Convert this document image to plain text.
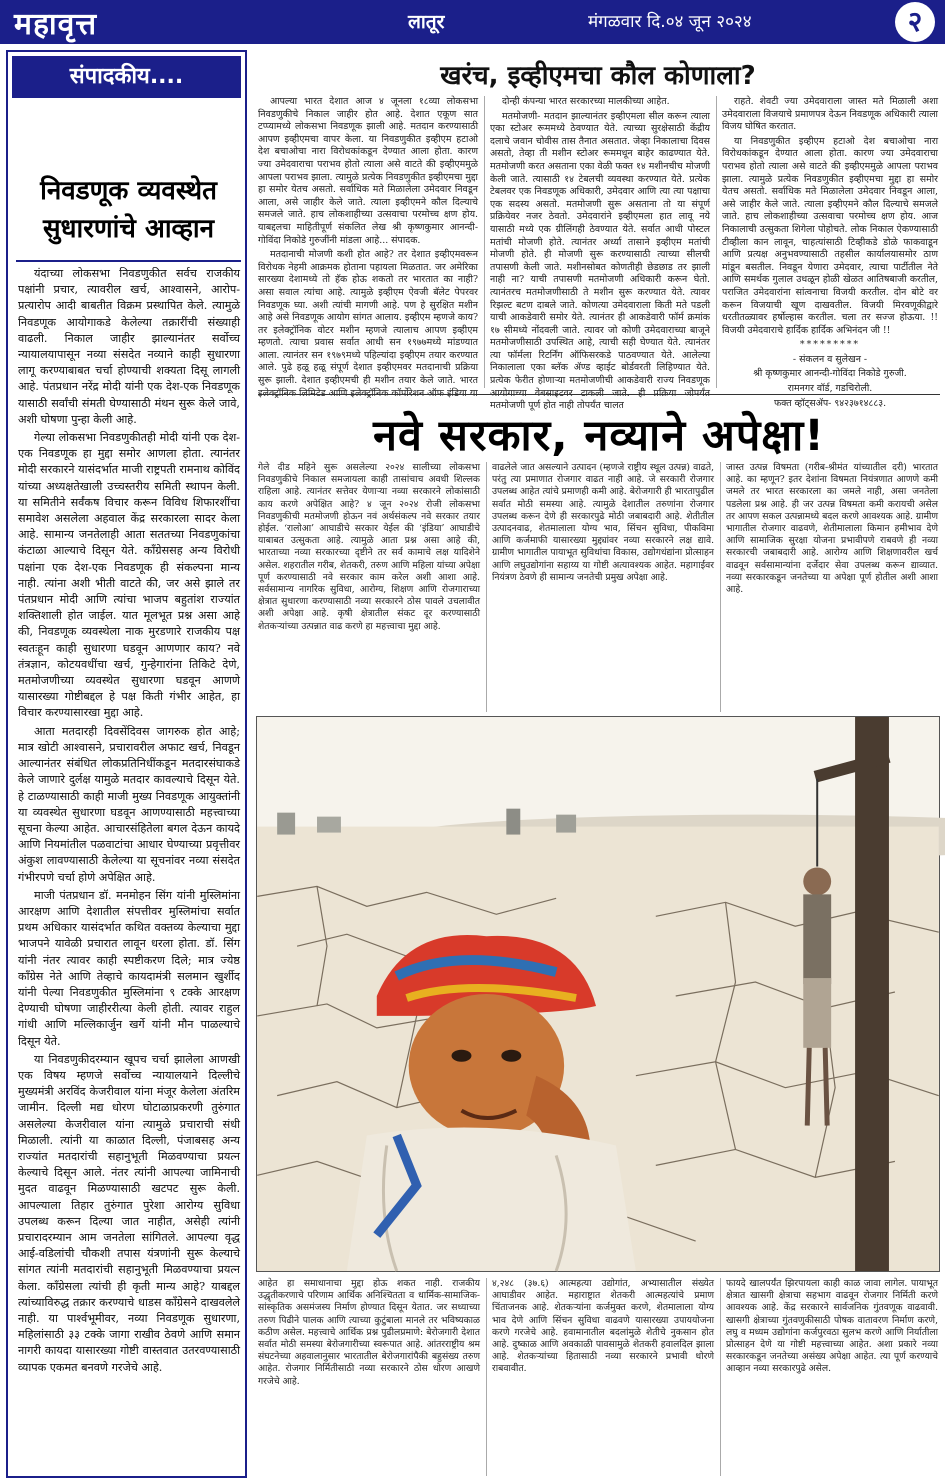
महावृत्त	लातूर	मंगळवार दि.०४ जून २०२४	२
संपादकीय....
निवडणूक व्यवस्थेत
सुधारणांचे आव्हान

यंदाच्या लोकसभा निवडणुकीत सर्वच राजकीय पक्षांनी प्रचार, त्यावरील खर्च, आश्वासने, आरोप-प्रत्यारोप आदी बाबतीत विक्रम प्रस्थापित केले. त्यामुळे निवडणूक आयोगाकडे केलेल्या तक्रारींची संख्याही वाढली. निकाल जाहीर झाल्यानंतर सर्वोच्च न्यायालयापासून नव्या संसदेत नव्याने काही सुधारणा लागू करण्याबाबत चर्चा होण्याची शक्यता दिसू लागली आहे. पंतप्रधान नरेंद्र मोदी यांनी एक देश-एक निवडणूक यासाठी सर्वांची संमती घेण्यासाठी मंथन सुरू केले जावे, अशी घोषणा पुन्हा केली आहे.

गेल्या लोकसभा निवडणुकीतही मोदी यांनी एक देश- एक निवडणूक हा मुद्दा समोर आणला होता. त्यानंतर मोदी सरकारने यासंदर्भात माजी राष्ट्रपती रामनाथ कोविंद यांच्या अध्यक्षतेखाली उच्चस्तरीय समिती स्थापन केली. या समितीने सर्वंकष विचार करून विविध शिफारशींचा समावेश असलेला अहवाल केंद्र सरकारला सादर केला आहे. सामान्य जनतेलाही आता सततच्या निवडणुकांचा कंटाळा आल्याचे दिसून येते. काँग्रेससह अन्य विरोधी पक्षांना एक देश-एक निवडणूक ही संकल्पना मान्य नाही. त्यांना अशी भीती वाटते की, जर असे झाले तर पंतप्रधान मोदी आणि त्यांचा भाजप बहुतांश राज्यांत शक्तिशाली होत जाईल. यात मूलभूत प्रश्न असा आहे की, निवडणूक व्यवस्थेला नाक मुरडणारे राजकीय पक्ष स्वतःहून काही सुधारणा घडवून आणणार काय? नवे तंत्रज्ञान, कोटयवधींचा खर्च, गुन्हेगारांना तिकिटे देणे, मतमोजणीच्या व्यवस्थेत सुधारणा घडवून आणणे यासारख्या गोष्टीबद्दल हे पक्ष किती गंभीर आहेत, हा विचार करण्यासारखा मुद्दा आहे.

आता मतदारही दिवसेंदिवस जागरुक होत आहे; मात्र खोटी आश्वासने, प्रचारावरील अफाट खर्च, निवडून आल्यानंतर संबंधित लोकप्रतिनिधींकडून मतदारसंघाकडे केले जाणारे दुर्लक्ष यामुळे मतदार कावल्याचे दिसून येते. हे टाळण्यासाठी काही माजी मुख्य निवडणूक आयुक्तांनी या व्यवस्थेत सुधारणा घडवून आणण्यासाठी महत्त्वाच्या सूचना केल्या आहेत. आचारसंहितेला बगल देऊन कायदे आणि नियमांतील पळवाटांचा आधार घेण्याच्या प्रवृत्तीवर अंकुश लावण्यासाठी केलेल्या या सूचनांवर नव्या संसदेत गंभीरपणे चर्चा होणे अपेक्षित आहे.

माजी पंतप्रधान डॉ. मनमोहन सिंग यांनी मुस्लिमांना आरक्षण आणि देशातील संपत्तीवर मुस्लिमांचा सर्वात प्रथम अधिकार यासंदर्भात कथित वक्तव्य केल्याचा मुद्दा भाजपने यावेळी प्रचारात लावून धरला होता. डॉ. सिंग यांनी नंतर त्यावर काही स्पष्टीकरण दिले; मात्र ज्येष्ठ काँग्रेस नेते आणि तेव्हाचे कायदामंत्री सलमान खुर्शीद यांनी पेल्या निवडणुकीत मुस्लिमांना ९ टक्के आरक्षण देण्याची घोषणा जाहीररीत्या केली होती. त्यावर राहुल गांधी आणि मल्लिकार्जुन खर्गे यांनी मौन पाळल्याचे दिसून येते.

या निवडणुकीदरम्यान खूपच चर्चा झालेला आणखी एक विषय म्हणजे सर्वोच्च न्यायालयाने दिल्लीचे मुख्यमंत्री अरविंद केजरीवाल यांना मंजूर केलेला अंतरिम जामीन. दिल्ली मद्य धोरण घोटाळाप्रकरणी तुरुंगात असलेल्या केजरीवाल यांना त्यामुळे प्रचाराची संधी मिळाली. त्यांनी या काळात दिल्ली, पंजाबसह अन्य राज्यांत मतदारांची सहानुभूती मिळवण्याचा प्रयत्न केल्याचे दिसून आले. नंतर त्यांनी आपल्या जामिनाची मुदत वाढवून मिळण्यासाठी खटपट सुरू केली. आपल्याला तिहार तुरुंगात पुरेशा आरोग्य सुविधा उपलब्ध करून दिल्या जात नाहीत, असेही त्यांनी प्रचारादरम्यान आम जनतेला सांगितले. आपल्या वृद्ध आई-वडिलांची चौकशी तपास यंत्रणांनी सुरू केल्याचे सांगत त्यांनी मतदारांची सहानुभूती मिळवण्याचा प्रयत्न केला. काँग्रेसला त्यांची ही कृती मान्य आहे? याबद्दल त्यांच्याविरुद्ध तक्रार करण्याचे धाडस काँग्रेसने दाखवलेले नाही. या पार्श्वभूमीवर, नव्या निवडणूक सुधारणा, महिलांसाठी ३३ टक्के जागा राखीव ठेवणे आणि समान नागरी कायदा यासारख्या गोष्टी वास्तवात उतरवण्यासाठी व्यापक एकमत बनवणे गरजेचे आहे.

खरंच, इव्हीएमचा कौल कोणाला?

आपल्या भारत देशात आज ४ जूनला १८व्या लोकसभा निवडणुकीचे निकाल जाहीर होत आहे. देशात एकूण सात टप्प्यामध्ये लोकसभा निवडणूक झाली आहे. मतदान करण्यासाठी आपण इव्हीएमचा वापर केला. या निवडणुकीत इव्हीएम हटाओ देश बचाओचा नारा विरोधकांकडून देण्यात आला होता. कारण ज्या उमेदवाराचा पराभव होतो त्याला असे वाटते की इव्हीएममुळे आपला पराभव झाला. त्यामुळे प्रत्येक निवडणुकीत इव्हीएमचा मुद्दा हा समोर येतच असतो. सर्वाधिक मते मिळालेला उमेदवार निवडून आला, असे जाहीर केले जाते. त्याला इव्हीएमने कौल दिल्याचे समजले जाते. हाच लोकशाहीच्या उत्सवाचा परमोच्च क्षण होय. याबद्दलचा माहितीपूर्ण संकलित लेख श्री कृष्णकुमार आनन्दी-गोविंदा निकोडे गुरुजींनी मांडला आहे... संपादक.

मतदानाची मोजणी कशी होत आहे? तर देशात इव्हीएमवरून विरोधक नेहमी आक्रमक होताना पहायला मिळतात. जर अमेरिका सारख्या देशामध्ये तो हॅक होऊ शकतो तर भारतात का नाही? असा सवाल त्यांचा आहे. त्यामुळे इव्हीएम ऐवजी बॅलेट पेपरवर निवडणूक घ्या. अशी त्यांची मागणी आहे. पण हे सुरक्षित मशीन आहे असे निवडणूक आयोग सांगत आलाय. इव्हीएम म्हणजे काय? तर इलेक्ट्रॉनिक वोटर मशीन म्हणजे त्यालाच आपण इव्हीएम म्हणतो. त्याचा प्रवास सर्वात आधी सन १९७७मध्ये मांडण्यात आला. त्यानंतर सन १९७९मध्ये पहिल्यांदा इव्हीएम तयार करण्यात आले. पुढे हळू हळू संपूर्ण देशात इव्हीएमवर मतदानाची प्रक्रिया सुरू झाली. देशात इव्हीएमची ही मशीन तयार केले जाते. भारत इलेक्ट्रॉनिक लिमिटेड आणि इलेक्ट्रॉनिक कॉर्पोरेशन ऑफ इंडिया या

दोन्ही कंपन्या भारत सरकारच्या मालकीच्या आहेत.

मतमोजणी- मतदान झाल्यानंतर इव्हीएमला सील करून त्याला एका स्टोअर रूममध्ये ठेवण्यात येते. त्याच्या सुरक्षेसाठी केंद्रीय दलाचे जवान चोवीस तास तैनात असतात. जेव्हा निकालाचा दिवस असतो, तेव्हा ती मशीन स्टोअर रूममधून बाहेर काढण्यात येते. मतमोजणी करत असताना एका वेळी फक्त १४ मशीनचीच मोजणी केली जाते. त्यासाठी १४ टेबलची व्यवस्था करण्यात येते. प्रत्येक टेबलवर एक निवडणूक अधिकारी, उमेदवार आणि त्या त्या पक्षाचा एक सदस्य असतो. मतमोजणी सुरू असताना तो या संपूर्ण प्रक्रियेवर नजर ठेवतो. उमेदवारांने इव्हीएमला हात लावू नये यासाठी मध्ये एक ग्रीलिंगही ठेवण्यात येते. सर्वात आधी पोस्टल मतांची मोजणी होते. त्यानंतर अर्ध्या तासाने इव्हीएम मतांची मोजणी होते. ही मोजणी सुरू करण्यासाठी त्याच्या सीलची तपासणी केली जाते. मशीनसोबत कोणतीही छेडछाड तर झाली नाही ना? याची तपासणी मतमोजणी अधिकारी करून घेतो. त्यानंतरच मतमोजणीसाठी ते मशीन सुरू करण्यात येते. त्यावर रिझल्ट बटण दाबले जाते. कोणत्या उमेदवाराला किती मते पडली याची आकडेवारी समोर येते. त्यानंतर ही आकडेवारी फॉर्म क्रमांक १७ सीमध्ये नोंदवली जाते. त्यावर जो कोणी उमेदवाराच्या बाजूने मतमोजणीसाठी उपस्थित आहे, त्याची सही घेण्यात येते. त्यानंतर त्या फॉर्मला रिटर्निंग ऑफिसरकडे पाठवण्यात येते. आलेल्या निकालाला एका ब्लॅक ॲण्ड व्हाईट बोर्डवरती लिहिण्यात येते. प्रत्येक फेरीत होणाऱ्या मतमोजणीची आकडेवारी राज्य निवडणूक आयोगाच्या वेबसाइटवर टाकली जाते. ही प्रक्रिया जोपर्यंत मतमोजणी पूर्ण होत नाही तोपर्यंत चालत

राहते. शेवटी ज्या उमेदवाराला जास्त मते मिळाली अशा उमेदवाराला विजयाचे प्रमाणपत्र देऊन निवडणूक अधिकारी त्याला विजय घोषित करतात.

या निवडणुकीत इव्हीएम हटाओ देश बचाओचा नारा विरोधकांकडून देण्यात आला होता. कारण ज्या उमेदवाराचा पराभव होतो त्याला असे वाटते की इव्हीएममुळे आपला पराभव झाला. त्यामुळे प्रत्येक निवडणुकीत इव्हीएमचा मुद्दा हा समोर येतच असतो. सर्वाधिक मते मिळालेला उमेदवार निवडून आला, असे जाहीर केले जाते. त्याला इव्हीएमने कौल दिल्याचे समजले जाते. हाच लोकशाहीच्या उत्सवाचा परमोच्च क्षण होय. आज निकालाची उत्सुकता शिगेला पोहोचते. लोक निकाल ऐकण्यासाठी टीव्हीला कान लावून, चाहत्यांसाठी टिव्हीकडे डोळे फाकवाडून आणि प्रत्यक्ष अनुभवण्यासाठी तहसील कार्यालयासमोर ठाण मांडून बसतील. निवडून येणारा उमेदवार, त्याचा पार्टीतील नेते आणि समर्थक गुलाल उधळून होळी खेळत आतिषबाजी करतील, पराजित उमेदवारांना सांत्वनाचा विजयी करतील. दोन बोटे वर करून विजयाची खूण दाखवतील. विजयी मिरवणूकीद्वारे धरतीतळ्यावर हर्षोल्हास करतील. चला तर सज्ज होऊया. !! विजयी उमेदवाराचे हार्दिक हार्दिक अभिनंदन जी !!

*********

- संकलन व सुलेखन -

श्री कृष्णकुमार आनन्दी-गोविंदा निकोडे गुरुजी.

रामनगर वॉर्ड, गडचिरोली.

फक्त व्हॉट्सॲप- ९४२३७१४८८३.

नवे सरकार, नव्याने अपेक्षा!
गेले दीड महिने सुरू असलेल्या २०२४ सालीच्या लोकसभा निवडणुकीचे निकाल समजायला काही तासांचाच अवधी शिल्लक राहिला आहे. त्यानंतर सत्तेवर येणाऱ्या नव्या सरकारने लोकांसाठी काय करणे अपेक्षित आहे? ४ जून २०२४ रोजी लोकसभा निवडणुकीची मतमोजणी होऊन नवं अर्थसंकल्प नवे सरकार तयार होईल. ‘रालोआ’ आघाडीचे सरकार येईल की ‘इंडिया’ आघाडीचे याबाबत उत्सुकता आहे. त्यामुळे आता प्रश्न असा आहे की, भारताच्या नव्या सरकारच्या दृष्टीने तर सर्व कामाचे लक्ष यादिशेने असेल. शहरातील गरीब, शेतकरी, तरुण आणि महिला यांच्या अपेक्षा पूर्ण करण्यासाठी नवे सरकार काम करेल अशी आशा आहे. सर्वसामान्य नागरिक सुविधा, आरोग्य, शिक्षण आणि रोजगाराच्या क्षेत्रात सुधारणा करण्यासाठी नव्या सरकारने ठोस पावले उचलावीत अशी अपेक्षा आहे. कृषी क्षेत्रातील संकट दूर करण्यासाठी शेतकऱ्यांच्या उत्पन्नात वाढ करणे हा महत्त्वाचा मुद्दा आहे.
वाढलेले जात असल्याने उत्पादन (म्हणजे राष्ट्रीय स्थूल उत्पन्न) वाढते, परंतु त्या प्रमाणात रोजगार वाढत नाही आहे. जे सरकारी रोजगार उपलब्ध आहेत त्यांचे प्रमाणही कमी आहे. बेरोजगारी ही भारतापुढील सर्वात मोठी समस्या आहे. त्यामुळे देशातील तरुणांना रोजगार उपलब्ध करून देणे ही सरकारपुढे मोठी जबाबदारी आहे. शेतीतील उत्पादनवाढ, शेतमालाला योग्य भाव, सिंचन सुविधा, पीकविमा आणि कर्जमाफी यासारख्या मुद्द्यांवर नव्या सरकारने लक्ष द्यावे. ग्रामीण भागातील पायाभूत सुविधांचा विकास, उद्योगधंद्यांना प्रोत्साहन आणि लघुउद्योगांना सहाय्य या गोष्टी अत्यावश्यक आहेत. महागाईवर नियंत्रण ठेवणे ही सामान्य जनतेची प्रमुख अपेक्षा आहे.
जास्त उत्पन्न विषमता (गरीब-श्रीमंत यांच्यातील दरी) भारतात आहे. का म्हणून? इतर देशांना विषमता नियंत्रणात आणणे कमी जमले तर भारत सरकारला का जमले नाही, असा जनतेला पडलेला प्रश्न आहे. ही जर उत्पन्न विषमता कमी करायची असेल तर आपण सकल उत्पन्नामध्ये बदल करणे आवश्यक आहे. ग्रामीण भागातील रोजगार वाढवणे, शेतीमालाला किमान हमीभाव देणे आणि सामाजिक सुरक्षा योजना प्रभावीपणे राबवणे ही नव्या सरकारची जबाबदारी आहे. आरोग्य आणि शिक्षणावरील खर्च वाढवून सर्वसामान्यांना दर्जेदार सेवा उपलब्ध करून द्याव्यात. नव्या सरकारकडून जनतेच्या या अपेक्षा पूर्ण होतील अशी आशा आहे.
आहेत हा समाधानाचा मुद्दा होऊ शकत नाही. राजकीय उद्धृतीकरणाचे परिणाम आर्थिक अनिश्चितता व धार्मिक-सामाजिक-सांस्कृतिक असमंजस्य निर्माण होण्यात दिसून येतात. जर सध्याच्या तरुण पिढीने पालक आणि त्याच्या कुटुंबाला मानले तर भविष्यकाळ कठीण असेल. महत्त्वाचे आर्थिक प्रश्न पुढीलप्रमाणे: बेरोजगारी देशात सर्वात मोठी समस्या बेरोजगारीच्या स्वरूपात आहे. आंतरराष्ट्रीय श्रम संघटनेच्या अहवालानुसार भारतातील बेरोजगारांपैकी बहुसंख्य तरुण आहेत. रोजगार निर्मितीसाठी नव्या सरकारने ठोस धोरण आखणे गरजेचे आहे.
४,२४८ (३७.६) आत्महत्या उद्योगांत, अभ्यासातील संख्येत आघाडीवर आहेत. महाराष्ट्रात शेतकरी आत्महत्यांचे प्रमाण चिंताजनक आहे. शेतकऱ्यांना कर्जमुक्त करणे, शेतमालाला योग्य भाव देणे आणि सिंचन सुविधा वाढवणे यासारख्या उपाययोजना करणे गरजेचे आहे. हवामानातील बदलांमुळे शेतीचे नुकसान होत आहे. दुष्काळ आणि अवकाळी पावसामुळे शेतकरी हवालदिल झाला आहे. शेतकऱ्यांच्या हितासाठी नव्या सरकारने प्रभावी धोरणे राबवावीत.
फायदे खालपर्यंत झिरपायला काही काळ जावा लागेल. पायाभूत क्षेत्रात खासगी क्षेत्राचा सहभाग वाढवून रोजगार निर्मिती करणे आवश्यक आहे. केंद्र सरकारने सार्वजनिक गुंतवणूक वाढवावी. खासगी क्षेत्राच्या गुंतवणुकीसाठी पोषक वातावरण निर्माण करणे, लघु व मध्यम उद्योगांना कर्जपुरवठा सुलभ करणे आणि निर्यातीला प्रोत्साहन देणे या गोष्टी महत्त्वाच्या आहेत. अशा प्रकारे नव्या सरकारकडून जनतेच्या असंख्य अपेक्षा आहेत. त्या पूर्ण करण्याचे आव्हान नव्या सरकारपुढे असेल.
